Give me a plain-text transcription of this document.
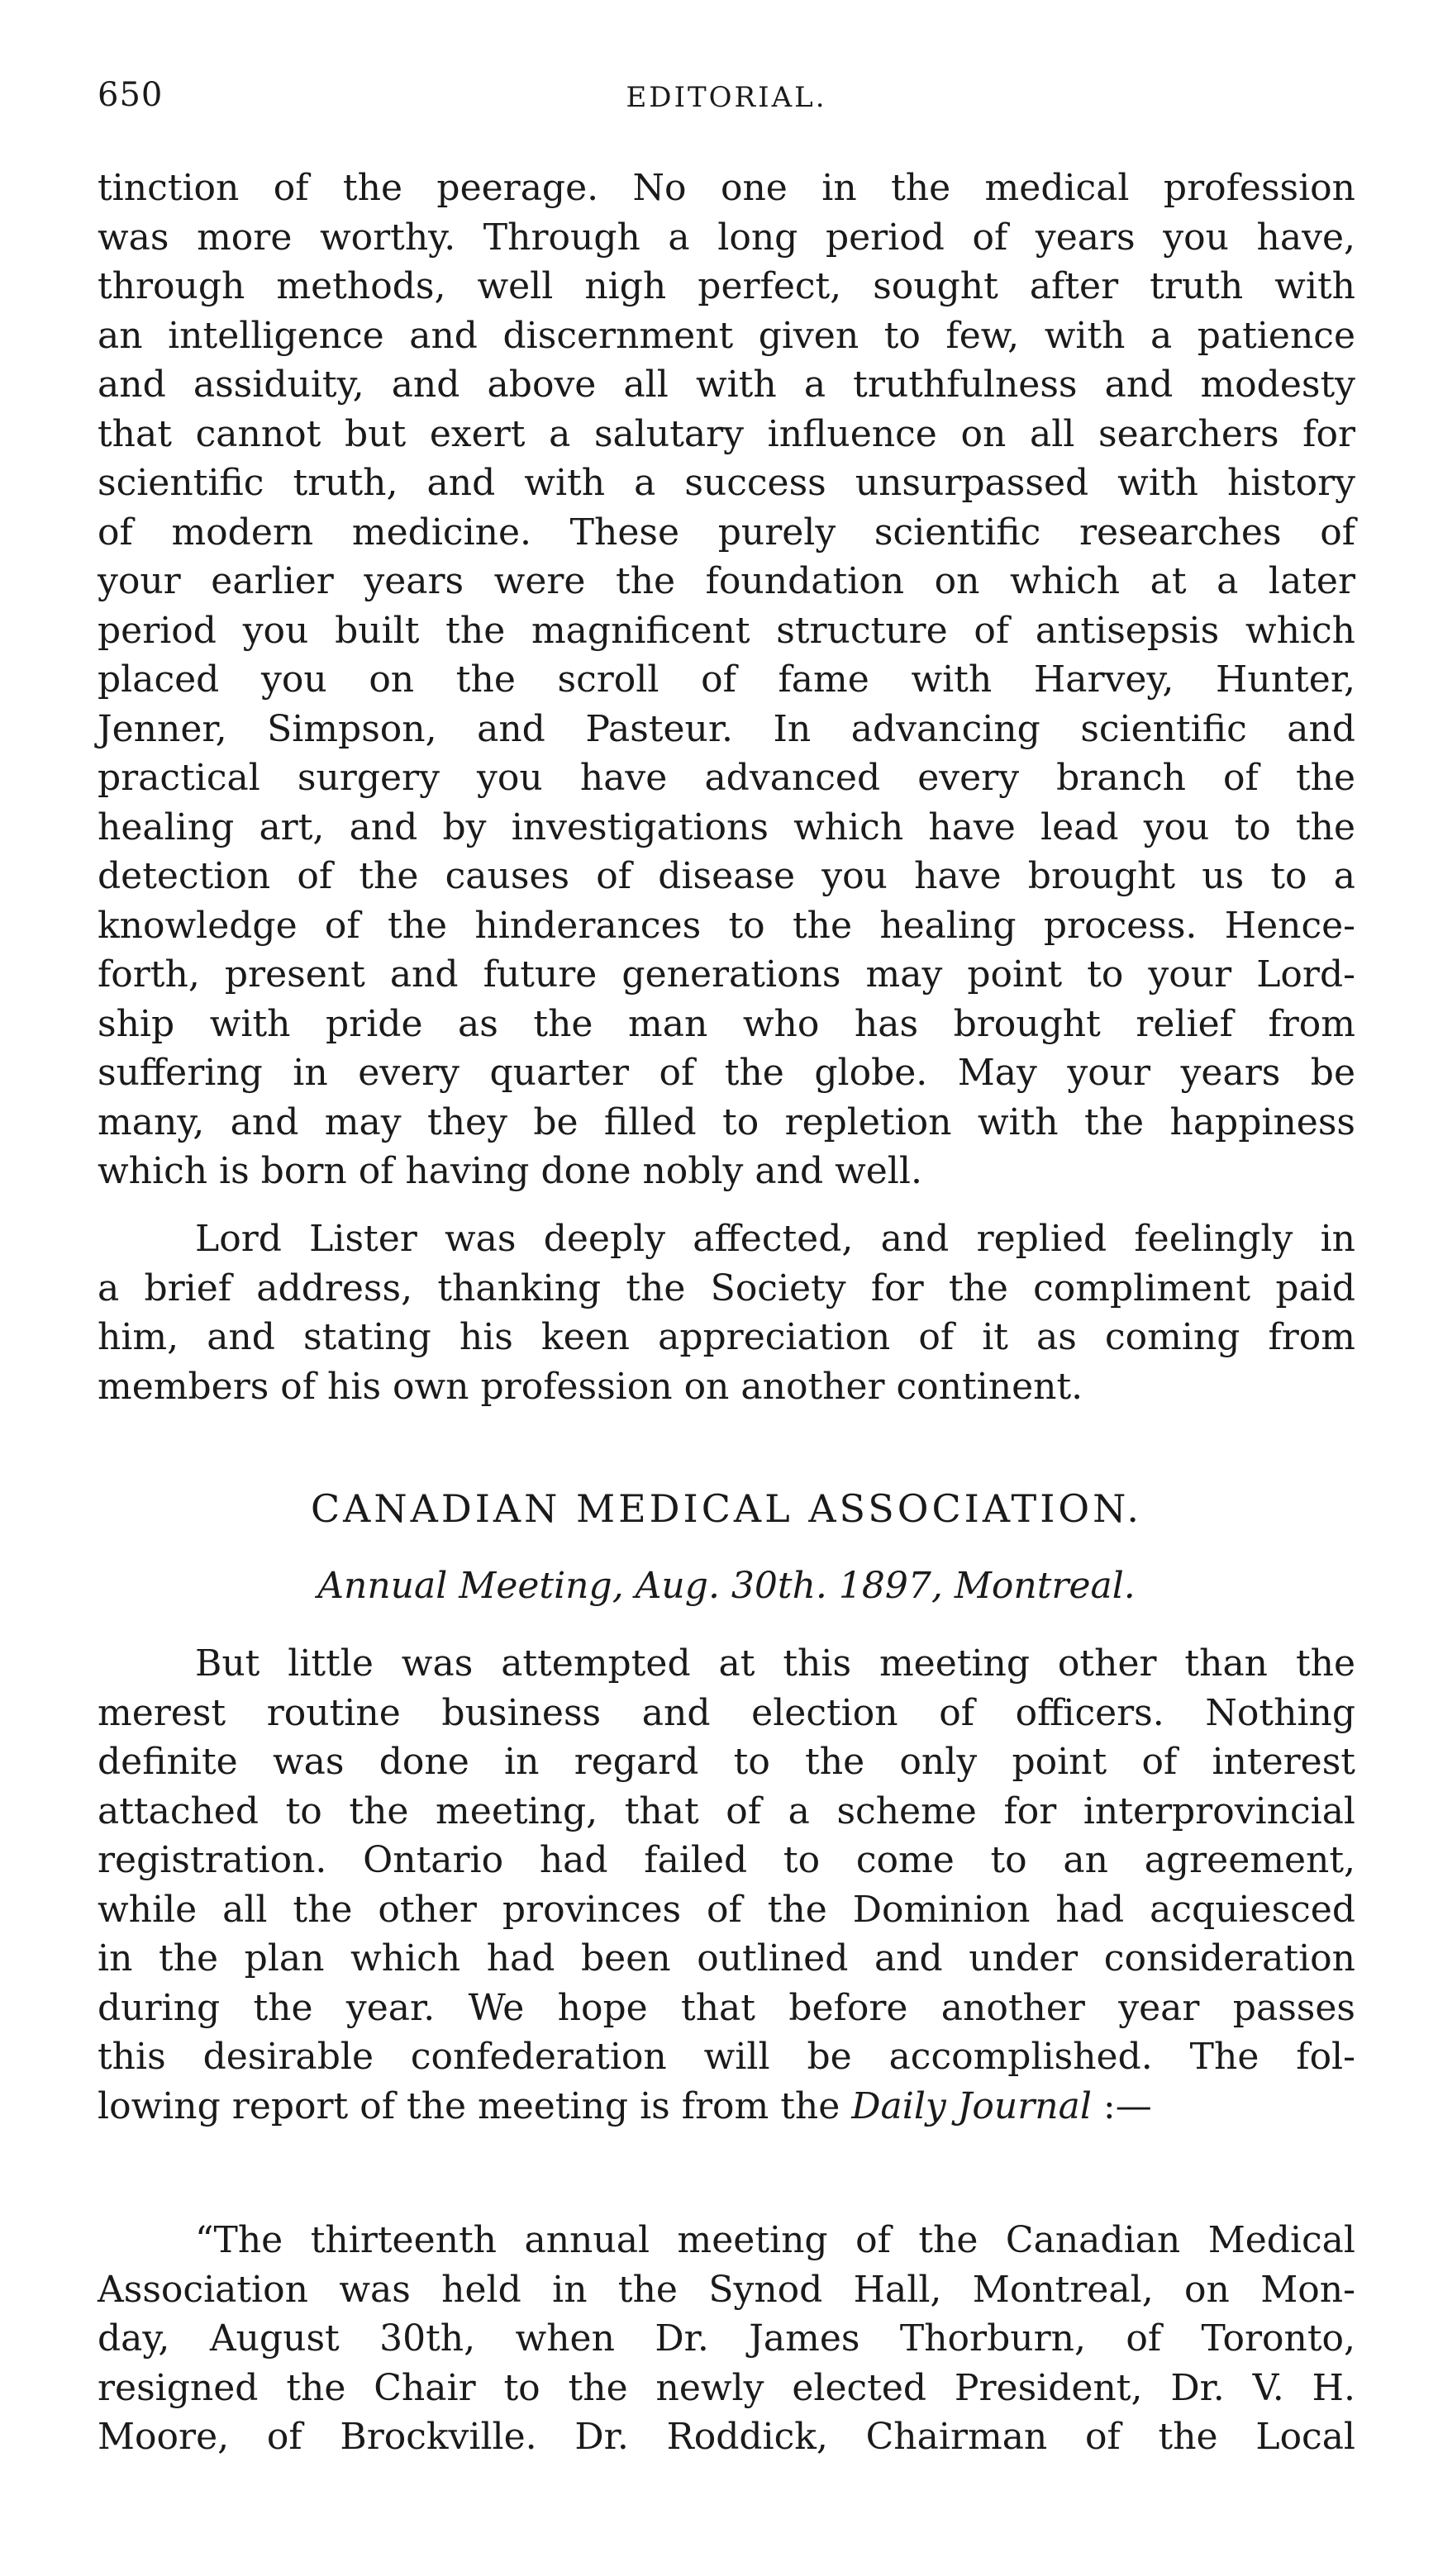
650	EDITORIAL.
tinction of the peerage. No one in the medical profession
was more worthy. Through a long period of years you have,
through methods, well nigh perfect, sought after truth with
an intelligence and discernment given to few, with a patience
and assiduity, and above all with a truthfulness and modesty
that cannot but exert a salutary influence on all searchers for
scientific truth, and with a success unsurpassed with history
of modern medicine. These purely scientific researches of
your earlier years were the foundation on which at a later
period you built the magnificent structure of antisepsis which
placed you on the scroll of fame with Harvey, Hunter,
Jenner, Simpson, and Pasteur. In advancing scientific and
practical surgery you have advanced every branch of the
healing art, and by investigations which have lead you to the
detection of the causes of disease you have brought us to a
knowledge of the hinderances to the healing process. Hence-
forth, present and future generations may point to your Lord-
ship with pride as the man who has brought relief from
suffering in every quarter of the globe. May your years be
many, and may they be filled to repletion with the happiness
which is born of having done nobly and well.
Lord Lister was deeply affected, and replied feelingly in
a brief address, thanking the Society for the compliment paid
him, and stating his keen appreciation of it as coming from
members of his own profession on another continent.
CANADIAN MEDICAL ASSOCIATION.
Annual Meeting, Aug. 30th. 1897, Montreal.
But little was attempted at this meeting other than the
merest routine business and election of officers. Nothing
definite was done in regard to the only point of interest
attached to the meeting, that of a scheme for interprovincial
registration. Ontario had failed to come to an agreement,
while all the other provinces of the Dominion had acquiesced
in the plan which had been outlined and under consideration
during the year. We hope that before another year passes
this desirable confederation will be accomplished. The fol-
lowing report of the meeting is from the Daily Journal :—
“The thirteenth annual meeting of the Canadian Medical
Association was held in the Synod Hall, Montreal, on Mon-
day, August 30th, when Dr. James Thorburn, of Toronto,
resigned the Chair to the newly elected President, Dr. V. H.
Moore, of Brockville. Dr. Roddick, Chairman of the Local
